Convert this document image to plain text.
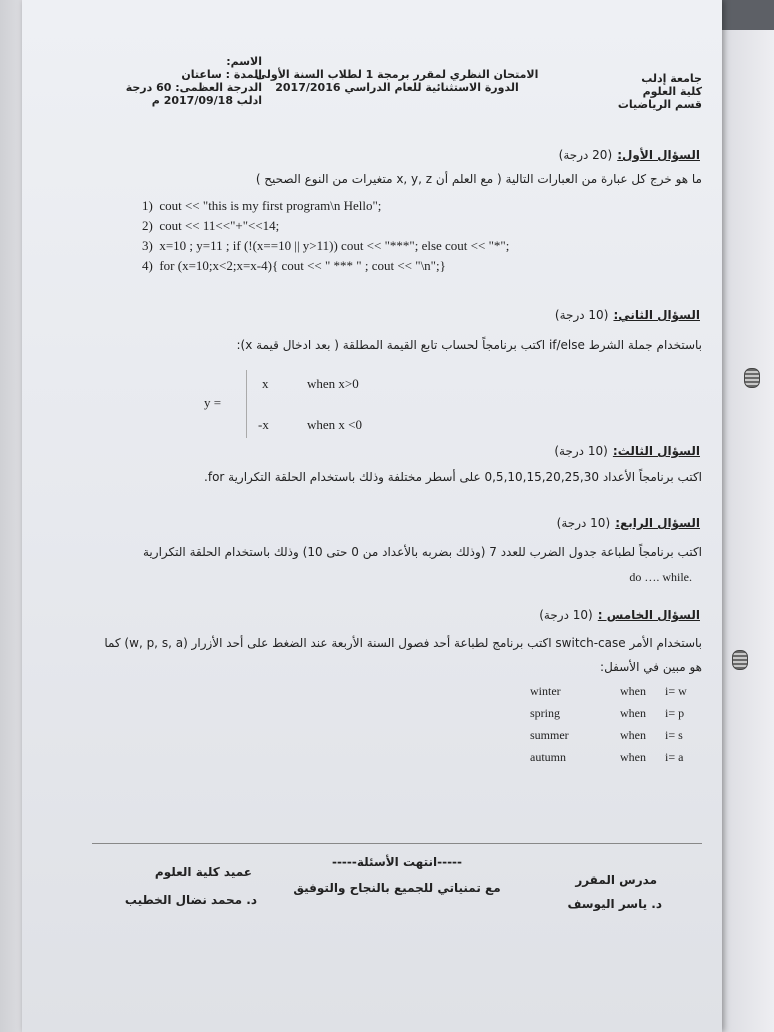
جامعة إدلب
كلية العلوم
قسم الرياضيات
الامتحان النظري لمقرر برمجة 1 لطلاب السنة الأولى
الدورة الاستثنائية للعام الدراسي 2017/2016
الاسم:
المدة : ساعتان
الدرجة العظمى: 60 درجة
ادلب 2017/09/18 م
السؤال الأول: (20 درجة)
ما هو خرج كل عبارة من العبارات التالية ( مع العلم أن x, y, z متغيرات من النوع الصحيح )
1) cout << "this is my first program\n Hello";
2) cout << 11<<"+"<<14;
3) x=10 ; y=11 ; if (!(x==10 || y>11)) cout << "***"; else cout << "*";
4) for (x=10;x<2;x=x-4){ cout << " *** " ; cout << "\n";}
السؤال الثاني: (10 درجة)
باستخدام جملة الشرط if/else اكتب برنامجاً لحساب تابع القيمة المطلقة ( بعد ادخال قيمة x):
y =
x	when x>0
-x	when x <0
السؤال الثالث: (10 درجة)
اكتب برنامجاً الأعداد 0,5,10,15,20,25,30 على أسطر مختلفة وذلك باستخدام الحلقة التكرارية for.
السؤال الرابع: (10 درجة)
اكتب برنامجاً لطباعة جدول الضرب للعدد 7 (وذلك بضربه بالأعداد من 0 حتى 10) وذلك باستخدام الحلقة التكرارية
do …. while.
السؤال الخامس : (10 درجة)
باستخدام الأمر switch-case اكتب برنامج لطباعة أحد فصول السنة الأربعة عند الضغط على أحد الأزرار (w, p, s, a) كما
هو مبين في الأسفل:
winter	when i= w
spring	when i= p
summer	when i= s
autumn	when i= a
-----انتهت الأسئلة-----
مع تمنياتي للجميع بالنجاح والتوفيق
عميد كلية العلوم
د. محمد نضال الخطيب
مدرس المقرر
د. ياسر اليوسف
